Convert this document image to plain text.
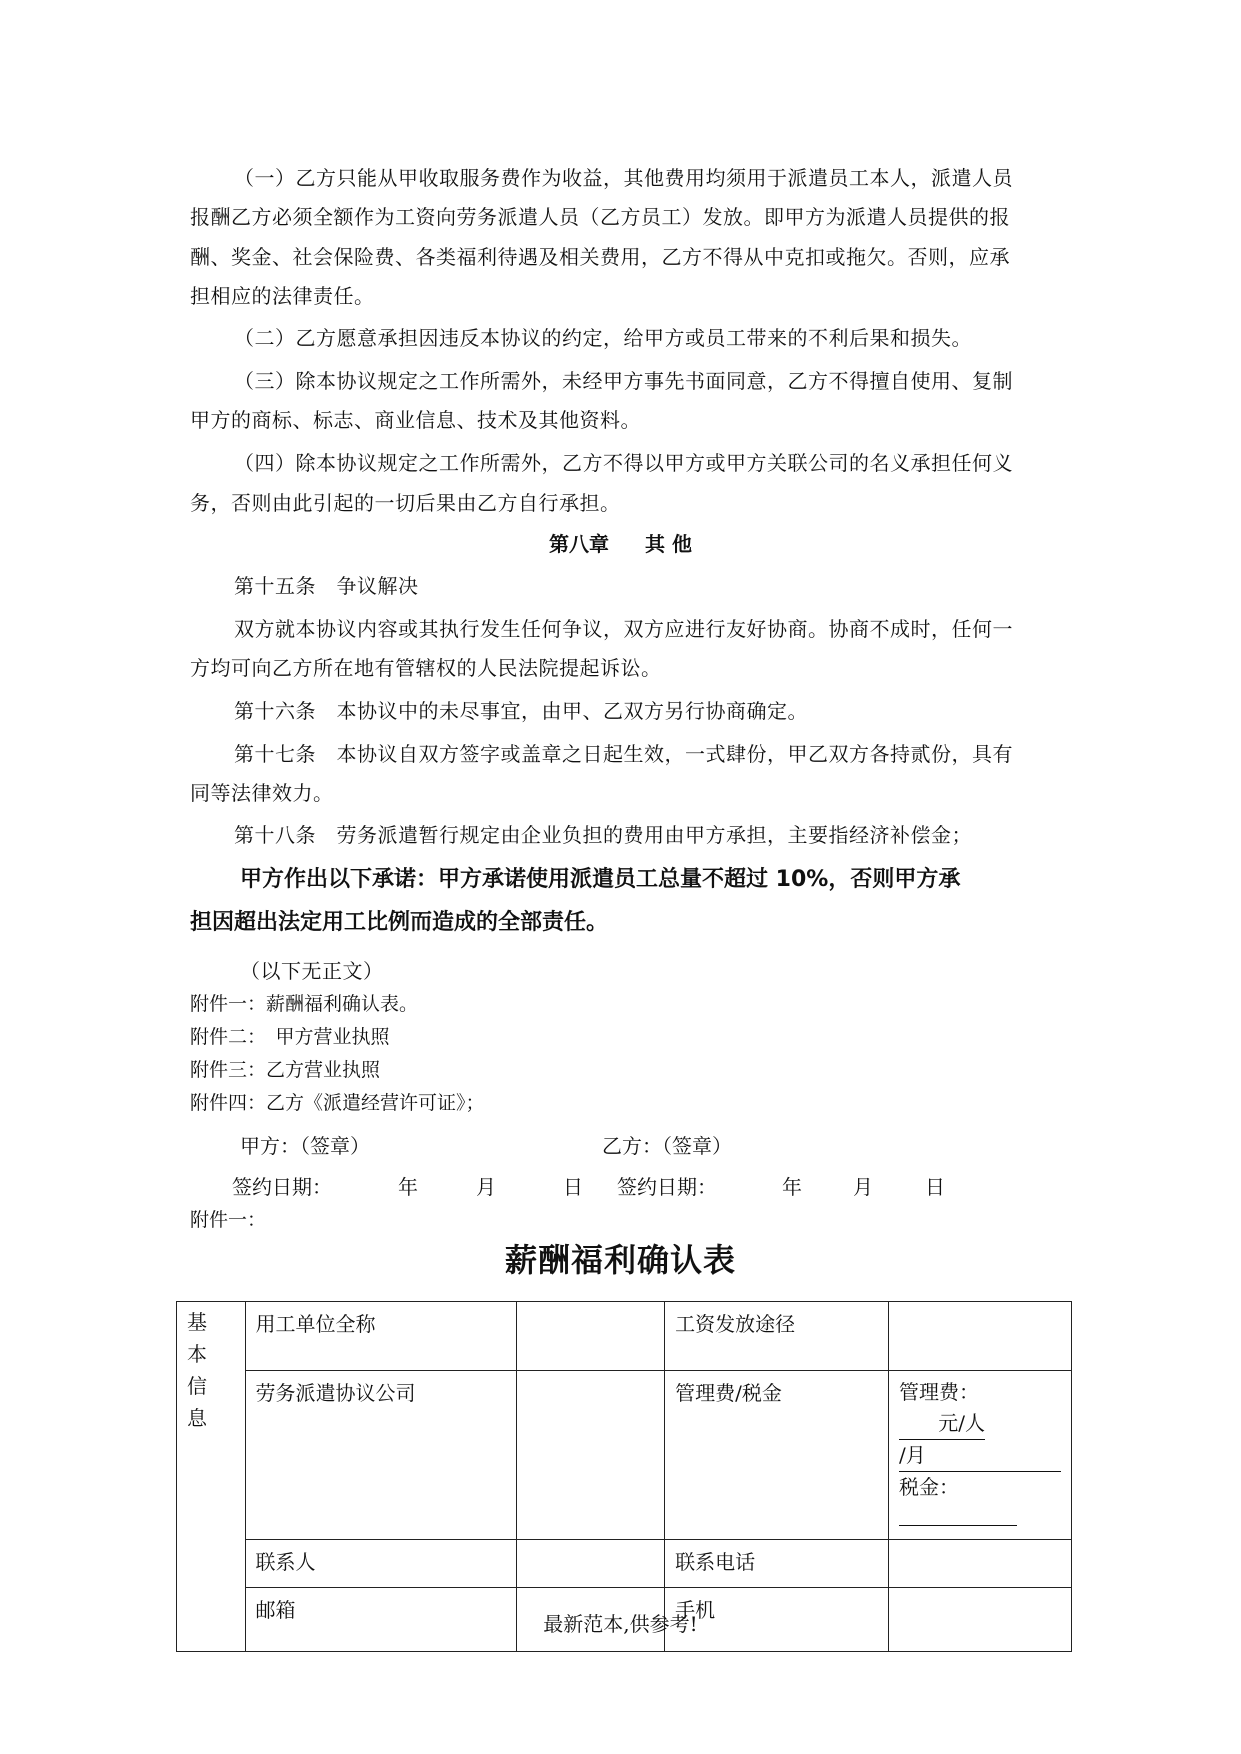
（一）乙方只能从甲收取服务费作为收益，其他费用均须用于派遣员工本人，派遣人员
报酬乙方必须全额作为工资向劳务派遣人员（乙方员工）发放。即甲方为派遣人员提供的报
酬、奖金、社会保险费、各类福利待遇及相关费用，乙方不得从中克扣或拖欠。否则，应承
担相应的法律责任。
（二）乙方愿意承担因违反本协议的约定，给甲方或员工带来的不利后果和损失。
（三）除本协议规定之工作所需外，未经甲方事先书面同意，乙方不得擅自使用、复制
甲方的商标、标志、商业信息、技术及其他资料。
（四）除本协议规定之工作所需外，乙方不得以甲方或甲方关联公司的名义承担任何义
务，否则由此引起的一切后果由乙方自行承担。
第八章 其 他
第十五条　争议解决
双方就本协议内容或其执行发生任何争议，双方应进行友好协商。协商不成时，任何一
方均可向乙方所在地有管辖权的人民法院提起诉讼。
第十六条　本协议中的未尽事宜，由甲、乙双方另行协商确定。
第十七条　本协议自双方签字或盖章之日起生效，一式肆份，甲乙双方各持贰份，具有
同等法律效力。
第十八条　劳务派遣暂行规定由企业负担的费用由甲方承担，主要指经济补偿金；
甲方作出以下承诺：甲方承诺使用派遣员工总量不超过 10%，否则甲方承
担因超出法定用工比例而造成的全部责任。
（以下无正文）
附件一：薪酬福利确认表。
附件二：　甲方营业执照
附件三：乙方营业执照
附件四：乙方《派遣经营许可证》；
甲方：（签章）	乙方：（签章）
签约日期：	年	月	日 签约日期：	年	月	日
附件一：
薪酬福利确认表
基
本
信
息	用工单位全称		工资发放途径	
	劳务派遣协议公司		管理费/税金	管理费：元/人
/月
税金：
	联系人		联系电话	
	邮箱		手机	
最新范本,供参考!
